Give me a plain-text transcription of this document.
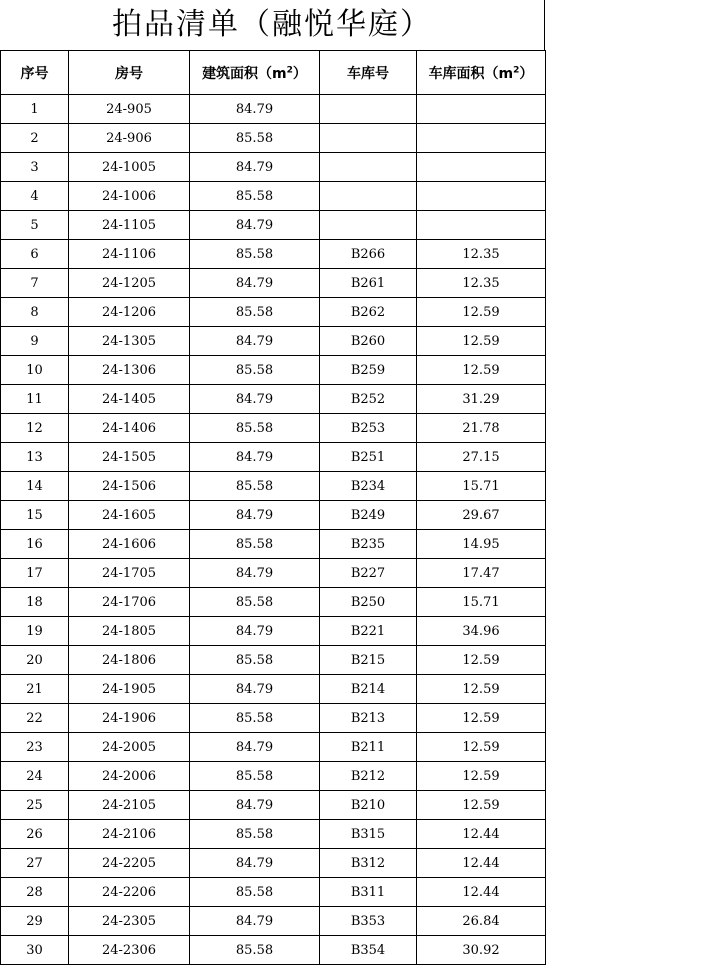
拍品清单（融悦华庭）
序号	房号	建筑面积$(m^2)$	车库号	车库面积$(m^2)$
1	24-905	84.79		
2	24-906	85.58		
3	24-1005	84.79		
4	24-1006	85.58		
5	24-1105	84.79		
6	24-1106	85.58	B266	12.35
7	24-1205	84.79	B261	12.35
8	24-1206	85.58	B262	12.59
9	24-1305	84.79	B260	12.59
10	24-1306	85.58	B259	12.59
11	24-1405	84.79	B252	31.29
12	24-1406	85.58	B253	21.78
13	24-1505	84.79	B251	27.15
14	24-1506	85.58	B234	15.71
15	24-1605	84.79	B249	29.67
16	24-1606	85.58	B235	14.95
17	24-1705	84.79	B227	17.47
18	24-1706	85.58	B250	15.71
19	24-1805	84.79	B221	34.96
20	24-1806	85.58	B215	12.59
21	24-1905	84.79	B214	12.59
22	24-1906	85.58	B213	12.59
23	24-2005	84.79	B211	12.59
24	24-2006	85.58	B212	12.59
25	24-2105	84.79	B210	12.59
26	24-2106	85.58	B315	12.44
27	24-2205	84.79	B312	12.44
28	24-2206	85.58	B311	12.44
29	24-2305	84.79	B353	26.84
30	24-2306	85.58	B354	30.92
